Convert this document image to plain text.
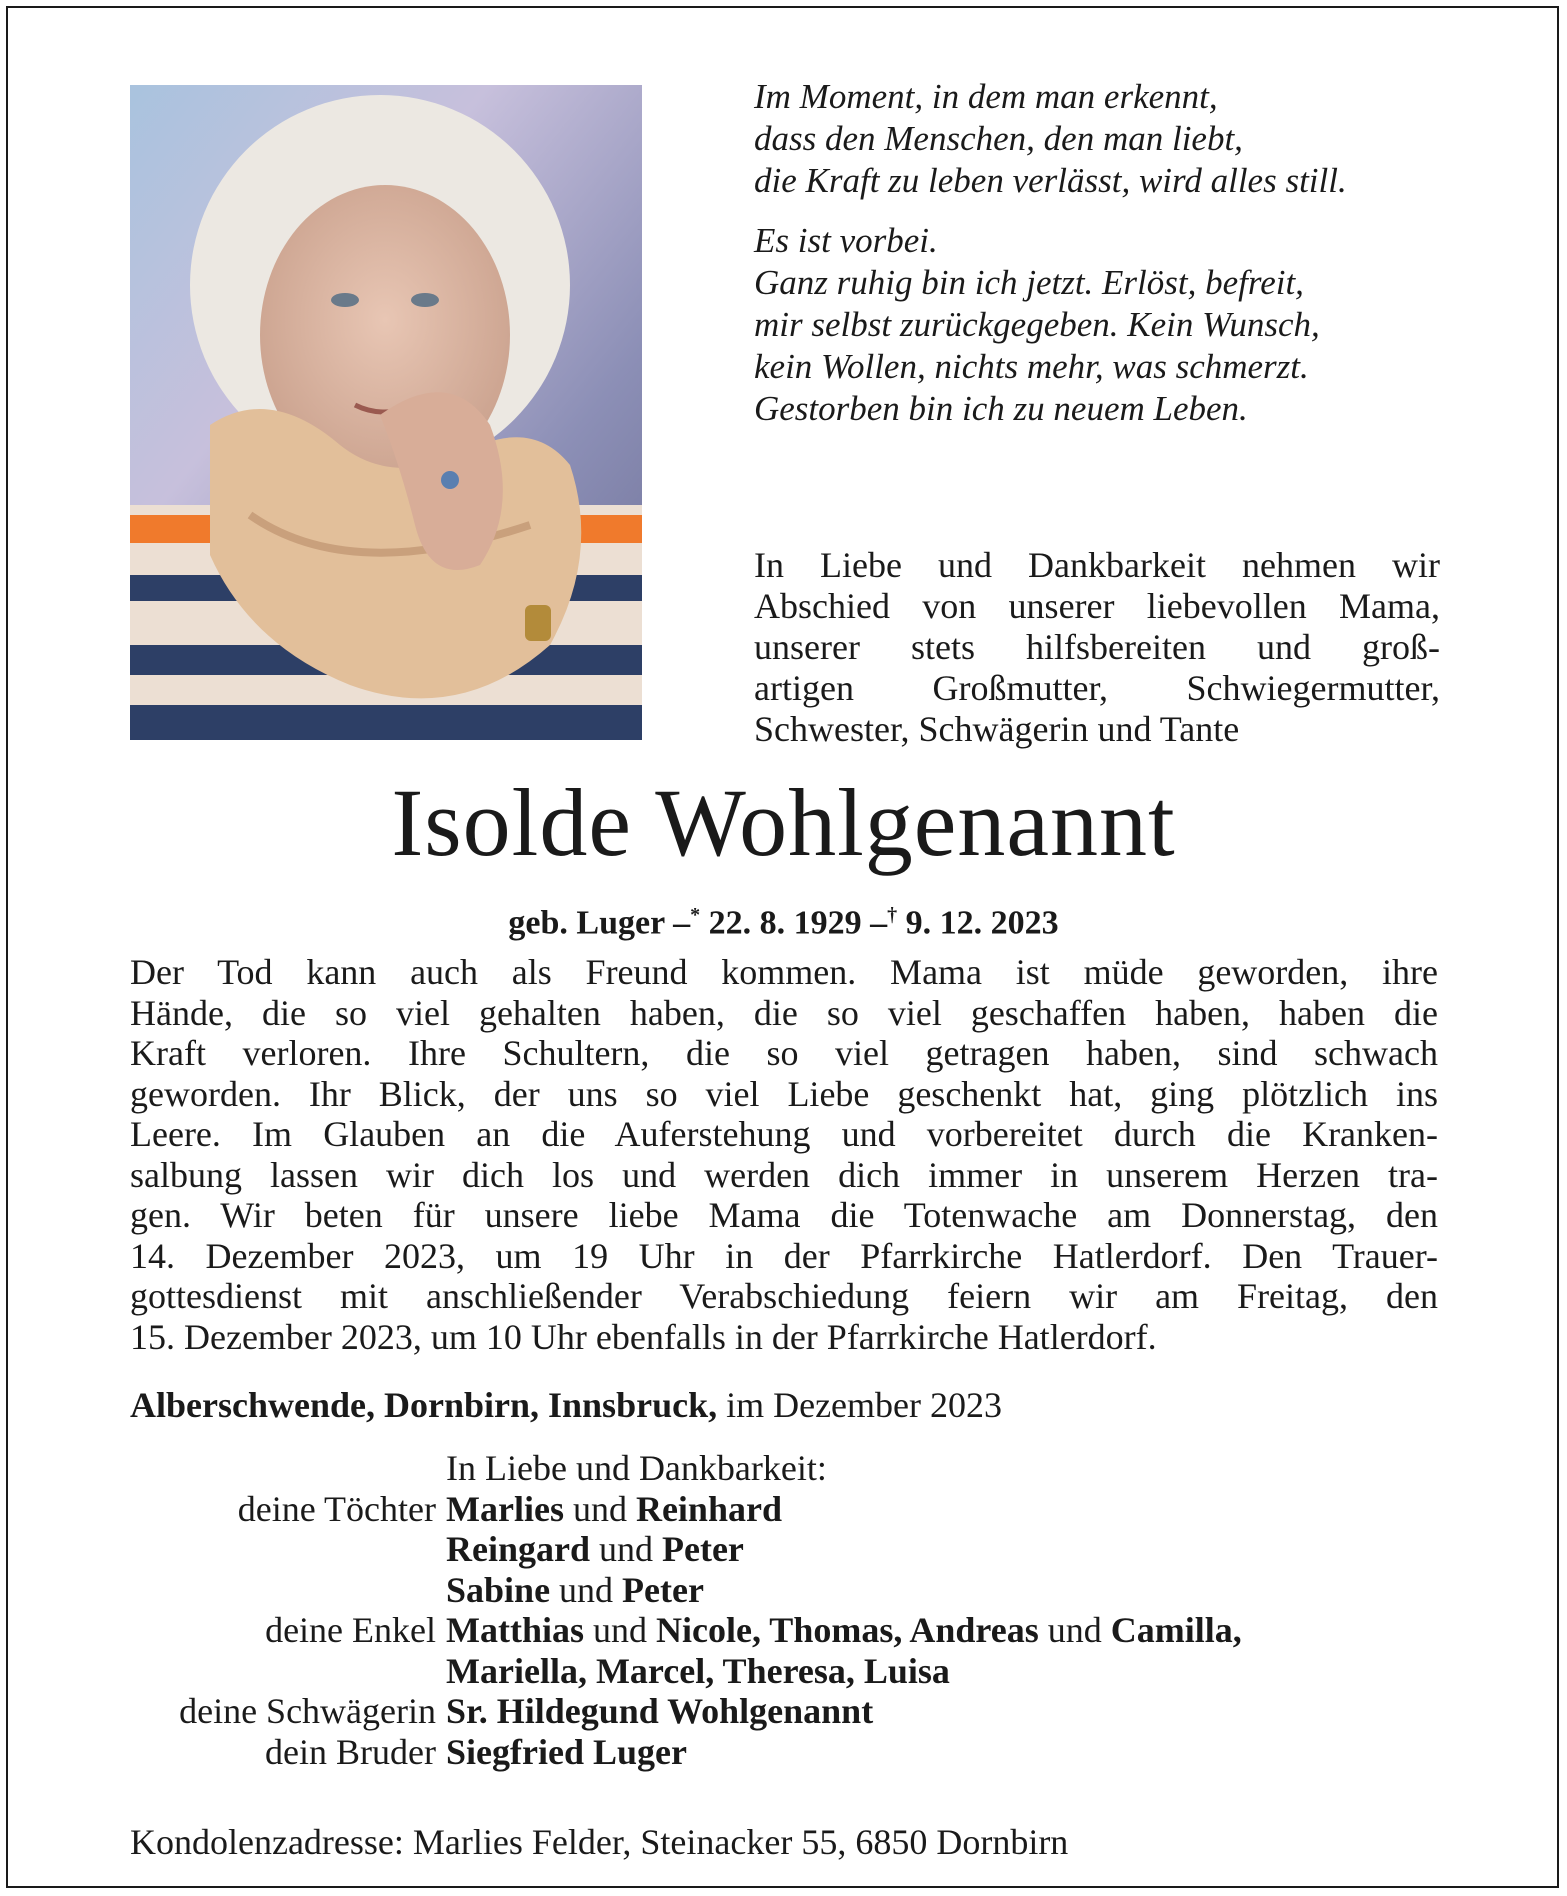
Im Moment, in dem man erkennt,

dass den Menschen, den man liebt,

die Kraft zu leben verlässt, wird alles still.

Es ist vorbei.

Ganz ruhig bin ich jetzt. Erlöst, befreit,

mir selbst zurückgegeben. Kein Wunsch,

kein Wollen, nichts mehr, was schmerzt.

Gestorben bin ich zu neuem Leben.

In Liebe und Dankbarkeit nehmen wir
Abschied von unserer liebevollen Mama,
unserer stets hilfsbereiten und groß-
artigen Großmutter, Schwiegermutter,
Schwester, Schwägerin und Tante
Isolde Wohlgenannt
geb. Luger –* 22. 8. 1929 –† 9. 12. 2023
Der Tod kann auch als Freund kommen. Mama ist müde geworden, ihre
Hände, die so viel gehalten haben, die so viel geschaffen haben, haben die
Kraft verloren. Ihre Schultern, die so viel getragen haben, sind schwach
geworden. Ihr Blick, der uns so viel Liebe geschenkt hat, ging plötzlich ins
Leere. Im Glauben an die Auferstehung und vorbereitet durch die Kranken-
salbung lassen wir dich los und werden dich immer in unserem Herzen tra-
gen. Wir beten für unsere liebe Mama die Totenwache am Donnerstag, den
14. Dezember 2023, um 19 Uhr in der Pfarrkirche Hatlerdorf. Den Trauer-
gottesdienst mit anschließender Verabschiedung feiern wir am Freitag, den
15. Dezember 2023, um 10 Uhr ebenfalls in der Pfarrkirche Hatlerdorf.
Alberschwende, Dornbirn, Innsbruck, im Dezember 2023
In Liebe und Dankbarkeit:
deine Töchter Marlies und Reinhard
Reingard und Peter
Sabine und Peter
deine Enkel Matthias und Nicole, Thomas, Andreas und Camilla,
Mariella, Marcel, Theresa, Luisa
deine Schwägerin Sr. Hildegund Wohlgenannt
dein Bruder Siegfried Luger
Kondolenzadresse: Marlies Felder, Steinacker 55, 6850 Dornbirn
